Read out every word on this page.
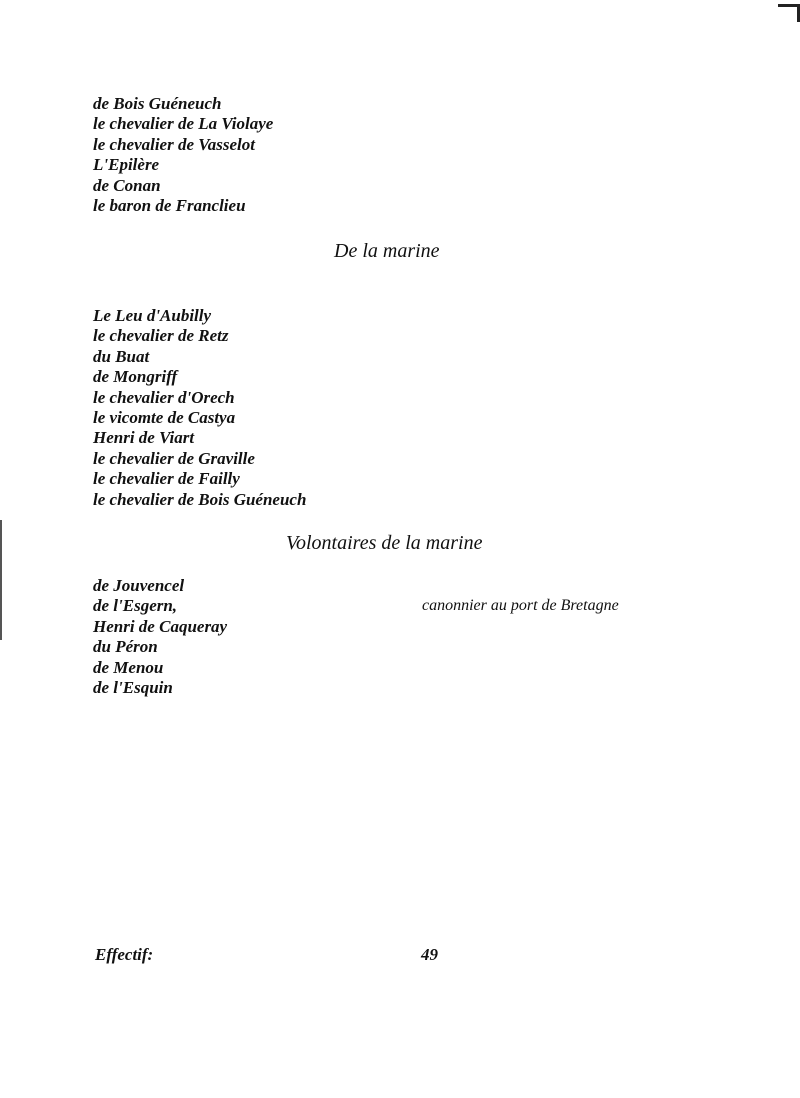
de Bois Guéneuch
le chevalier de La Violaye
le chevalier de Vasselot
L'Epilère
de Conan
le baron de Franclieu
De la marine
Le Leu d'Aubilly
le chevalier de Retz
du Buat
de Mongriff
le chevalier d'Orech
le vicomte de Castya
Henri de Viart
le chevalier de Graville
le chevalier de Failly
le chevalier de Bois Guéneuch
Volontaires de la marine
de Jouvencel
de l'Esgern,
Henri de Caqueray
du Péron
de Menou
de l'Esquin
canonnier au port de Bretagne
Effectif:	49
